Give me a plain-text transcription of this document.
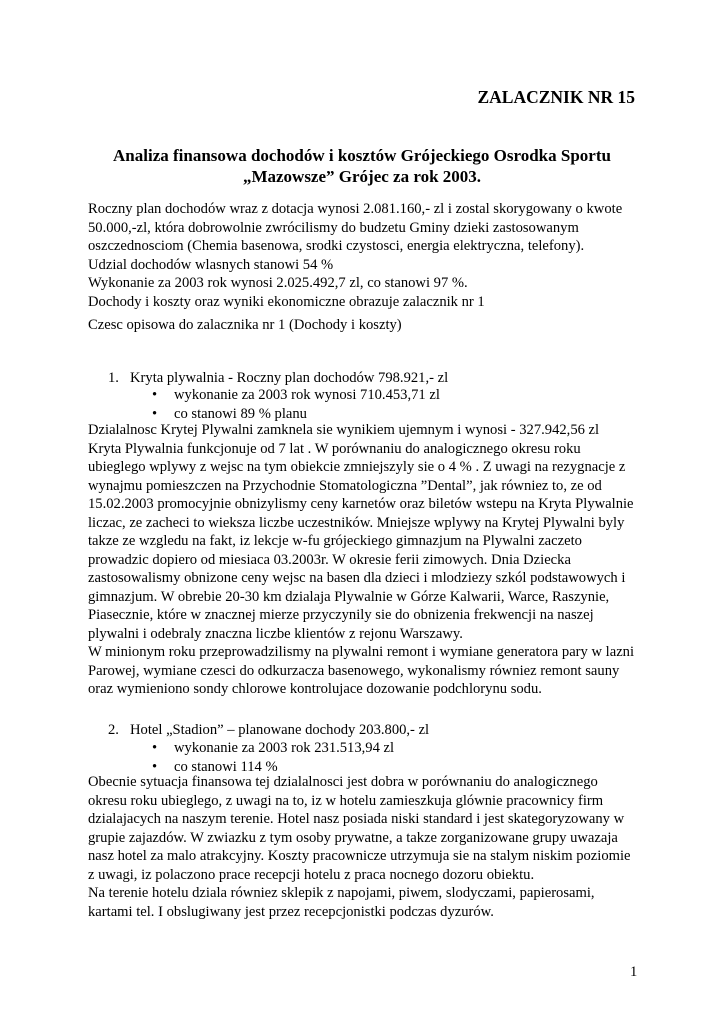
ZALACZNIK NR 15

Analiza finansowa dochodów i kosztów Grójeckiego Osrodka Sportu
„Mazowsze” Grójec za rok 2003.
Roczny plan dochodów wraz z dotacja wynosi 2.081.160,- zl i zostal skorygowany o kwote
50.000,-zl, która dobrowolnie zwrócilismy do budzetu Gminy dzieki zastosowanym
oszczednosciom (Chemia basenowa, srodki czystosci, energia elektryczna, telefony).
Udzial dochodów wlasnych stanowi 54 %
Wykonanie za 2003 rok wynosi 2.025.492,7 zl, co stanowi 97 %.
Dochody i koszty oraz wyniki ekonomiczne obrazuje zalacznik nr 1
Czesc opisowa do zalacznika nr 1 (Dochody i koszty)
1. Kryta plywalnia - Roczny plan dochodów 798.921,- zl
• wykonanie za 2003 rok wynosi 710.453,71 zl
• co stanowi 89 % planu
Dzialalnosc Krytej Plywalni zamknela sie wynikiem ujemnym i wynosi - 327.942,56 zl
Kryta Plywalnia funkcjonuje od 7 lat . W porównaniu do analogicznego okresu roku
ubieglego wplywy z wejsc na tym obiekcie zmniejszyly sie o 4 % . Z uwagi na rezygnacje z
wynajmu pomieszczen na Przychodnie Stomatologiczna ”Dental”, jak równiez to, ze od
15.02.2003 promocyjnie obnizylismy ceny karnetów oraz biletów wstepu na Kryta Plywalnie
liczac, ze zacheci to wieksza liczbe uczestników. Mniejsze wplywy na Krytej Plywalni byly
takze ze wzgledu na fakt, iz lekcje w-fu grójeckiego gimnazjum na Plywalni zaczeto
prowadzic dopiero od miesiaca 03.2003r. W okresie ferii zimowych. Dnia Dziecka
zastosowalismy obnizone ceny wejsc na basen dla dzieci i mlodziezy szkól podstawowych i
gimnazjum. W obrebie 20-30 km dzialaja Plywalnie w Górze Kalwarii, Warce, Raszynie,
Piasecznie, które w znacznej mierze przyczynily sie do obnizenia frekwencji na naszej
plywalni i odebraly znaczna liczbe klientów z rejonu Warszawy.
W minionym roku przeprowadzilismy na plywalni remont i wymiane generatora pary w lazni
Parowej, wymiane czesci do odkurzacza basenowego, wykonalismy równiez remont sauny
oraz wymieniono sondy chlorowe kontrolujace dozowanie podchlorynu sodu.
2. Hotel „Stadion” – planowane dochody 203.800,- zl
• wykonanie za 2003 rok 231.513,94 zl
• co stanowi 114 %
Obecnie sytuacja finansowa tej dzialalnosci jest dobra w porównaniu do analogicznego
okresu roku ubieglego, z uwagi na to, iz w hotelu zamieszkuja glównie pracownicy firm
dzialajacych na naszym terenie. Hotel nasz posiada niski standard i jest skategoryzowany w
grupie zajazdów. W zwiazku z tym osoby prywatne, a takze zorganizowane grupy uwazaja
nasz hotel za malo atrakcyjny. Koszty pracownicze utrzymuja sie na stalym niskim poziomie
z uwagi, iz polaczono prace recepcji hotelu z praca nocnego dozoru obiektu.
Na terenie hotelu dziala równiez sklepik z napojami, piwem, slodyczami, papierosami,
kartami tel. I obslugiwany jest przez recepcjonistki podczas dyzurów.
1
